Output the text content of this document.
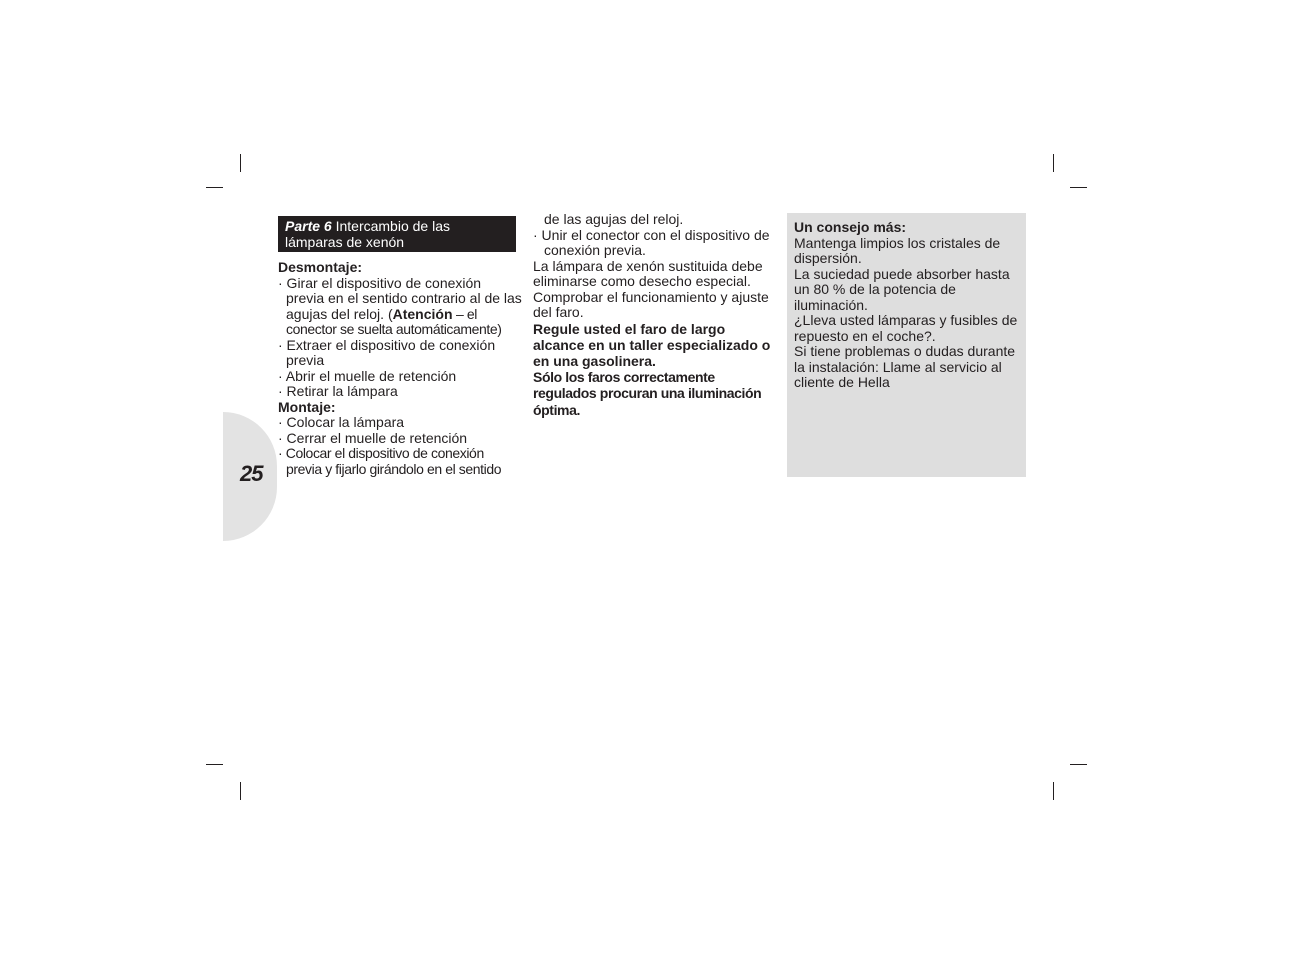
25
Parte 6 Intercambio de las
lámparas de xenón

Desmontaje:

· Girar el dispositivo de conexión previa en el sentido contrario al de las agujas del reloj. (Atención – el conector se suelta automáticamente)

· Extraer el dispositivo de conexión previa

· Abrir el muelle de retención

· Retirar la lámpara

Montaje:

· Colocar la lámpara

· Cerrar el muelle de retención

· Colocar el dispositivo de conexión previa y fijarlo girándolo en el sentido

de las agujas del reloj.

· Unir el conector con el dispositivo de conexión previa.

La lámpara de xenón sustituida debe eliminarse como desecho especial.

Comprobar el funcionamiento y ajuste del faro.

Regule usted el faro de largo alcance en un taller especializado o en una gasolinera.

Sólo los faros correctamente regulados procuran una iluminación óptima.

Un consejo más:

Mantenga limpios los cristales de dispersión.

La suciedad puede absorber hasta un 80 % de la potencia de iluminación.

¿Lleva usted lámparas y fusibles de repuesto en el coche?.

Si tiene problemas o dudas durante la instalación: Llame al servicio al cliente de Hella
